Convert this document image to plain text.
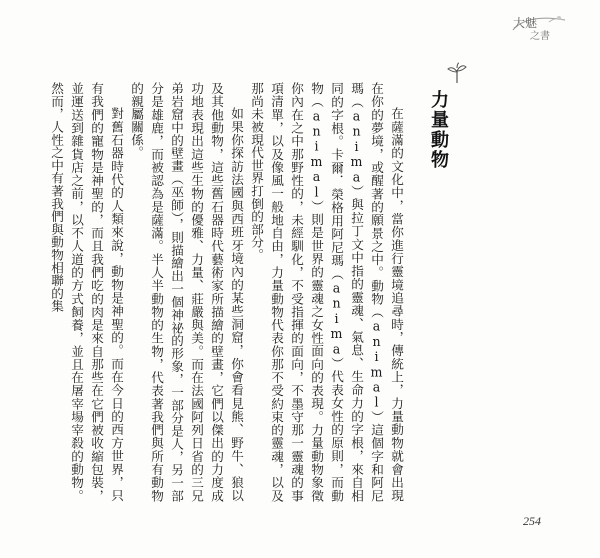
大魅
之書
力量動物

在薩滿的文化中，當你進行靈境追尋時，傳統上，力量動物就會出現在你的夢境，或醒著的願景之中。動物（animal）這個字和阿尼瑪（anima）與拉丁文中指的靈魂、氣息、生命力的字根，來自相同的字根。卡爾．榮格用阿尼瑪（anima）代表女性的原則，而動物（animal）則是世界的靈魂之女性面向的表現。力量動物象徵你內在之中那野性的，未經馴化，不受指揮的面向，不墨守那一靈魂的事項清單，以及像風一般地自由，力量動物代表你那不受約束的靈魂，以及那尚未被現代世界打倒的部分。

如果你探訪法國與西班牙境內的某些洞窟，你會看見熊、野牛、狼以及其他動物，這些舊石器時代藝術家所描繪的壁畫，它們以傑出的力度成功地表現出這些生物的優雅、力量、莊嚴與美。而在法國阿列日省的三兄弟岩窟中的壁畫（巫師），則描繪出一個神祕的形象，一部分是人，另一部分是雄鹿，而被認為是薩滿。半人半動物的生物，代表著我們與所有動物的親屬關係。

對舊石器時代的人類來說，動物是神聖的。而在今日的西方世界，只有我們的寵物是神聖的，而且我們吃的肉是來自那些在它們被收縮包裝，並運送到雜貨店之前，以不人道的方式飼養，並且在屠宰場宰殺的動物。然而，人性之中有著我們與動物相聯的集

254
